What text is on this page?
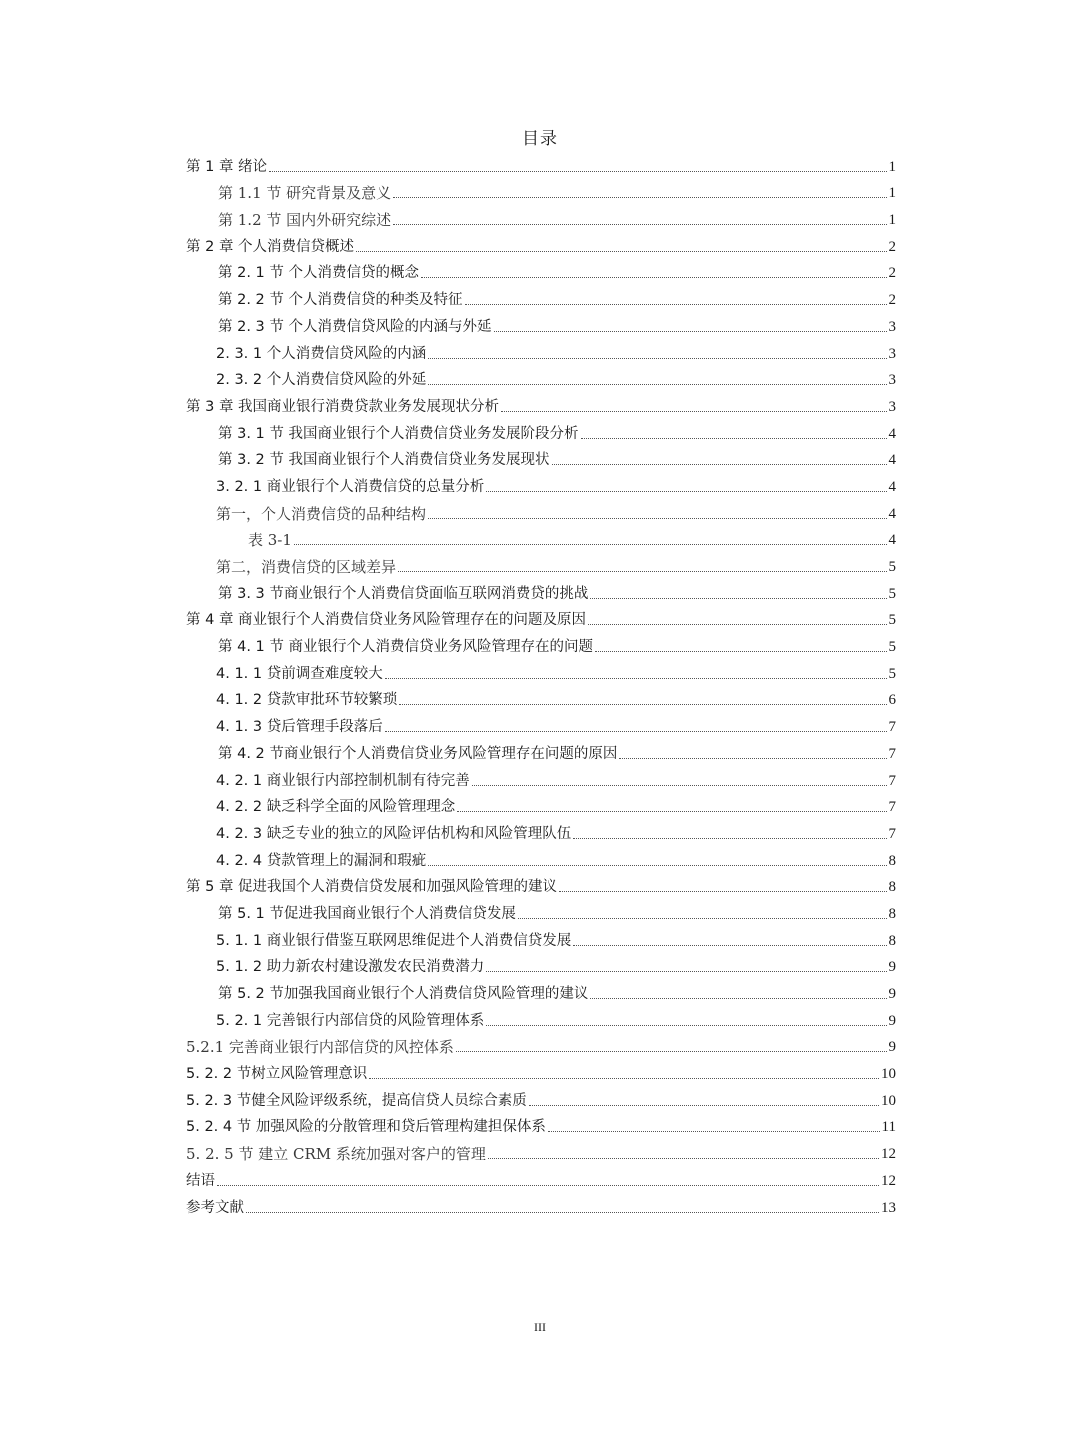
目录
第 1 章 绪论	1
第 1.1 节 研究背景及意义	1
第 1.2 节 国内外研究综述	1
第 2 章 个人消费信贷概述	2
第 2. 1 节 个人消费信贷的概念	2
第 2. 2 节 个人消费信贷的种类及特征	2
第 2. 3 节 个人消费信贷风险的内涵与外延	3
2. 3. 1 个人消费信贷风险的内涵	3
2. 3. 2 个人消费信贷风险的外延	3
第 3 章 我国商业银行消费贷款业务发展现状分析	3
第 3. 1 节 我国商业银行个人消费信贷业务发展阶段分析	4
第 3. 2 节 我国商业银行个人消费信贷业务发展现状	4
3. 2. 1 商业银行个人消费信贷的总量分析	4
第一，个人消费信贷的品种结构	4
表 3-1	4
第二，消费信贷的区域差异	5
第 3. 3 节商业银行个人消费信贷面临互联网消费贷的挑战	5
第 4 章 商业银行个人消费信贷业务风险管理存在的问题及原因	5
第 4. 1 节 商业银行个人消费信贷业务风险管理存在的问题	5
4. 1. 1 贷前调查难度较大	5
4. 1. 2 贷款审批环节较繁琐	6
4. 1. 3 贷后管理手段落后	7
第 4. 2 节商业银行个人消费信贷业务风险管理存在问题的原因	7
4. 2. 1 商业银行内部控制机制有待完善	7
4. 2. 2 缺乏科学全面的风险管理理念	7
4. 2. 3 缺乏专业的独立的风险评估机构和风险管理队伍	7
4. 2. 4 贷款管理上的漏洞和瑕疵	8
第 5 章 促进我国个人消费信贷发展和加强风险管理的建议	8
第 5. 1 节促进我国商业银行个人消费信贷发展	8
5. 1. 1 商业银行借鉴互联网思维促进个人消费信贷发展	8
5. 1. 2 助力新农村建设激发农民消费潜力	9
第 5. 2 节加强我国商业银行个人消费信贷风险管理的建议	9
5. 2. 1 完善银行内部信贷的风险管理体系	9
5.2.1 完善商业银行内部信贷的风控体系	9
5. 2. 2 节树立风险管理意识	10
5. 2. 3 节健全风险评级系统，提高信贷人员综合素质	10
5. 2. 4 节 加强风险的分散管理和贷后管理构建担保体系	11
5. 2. 5 节 建立 CRM 系统加强对客户的管理	12
结语	12
参考文献	13
III
